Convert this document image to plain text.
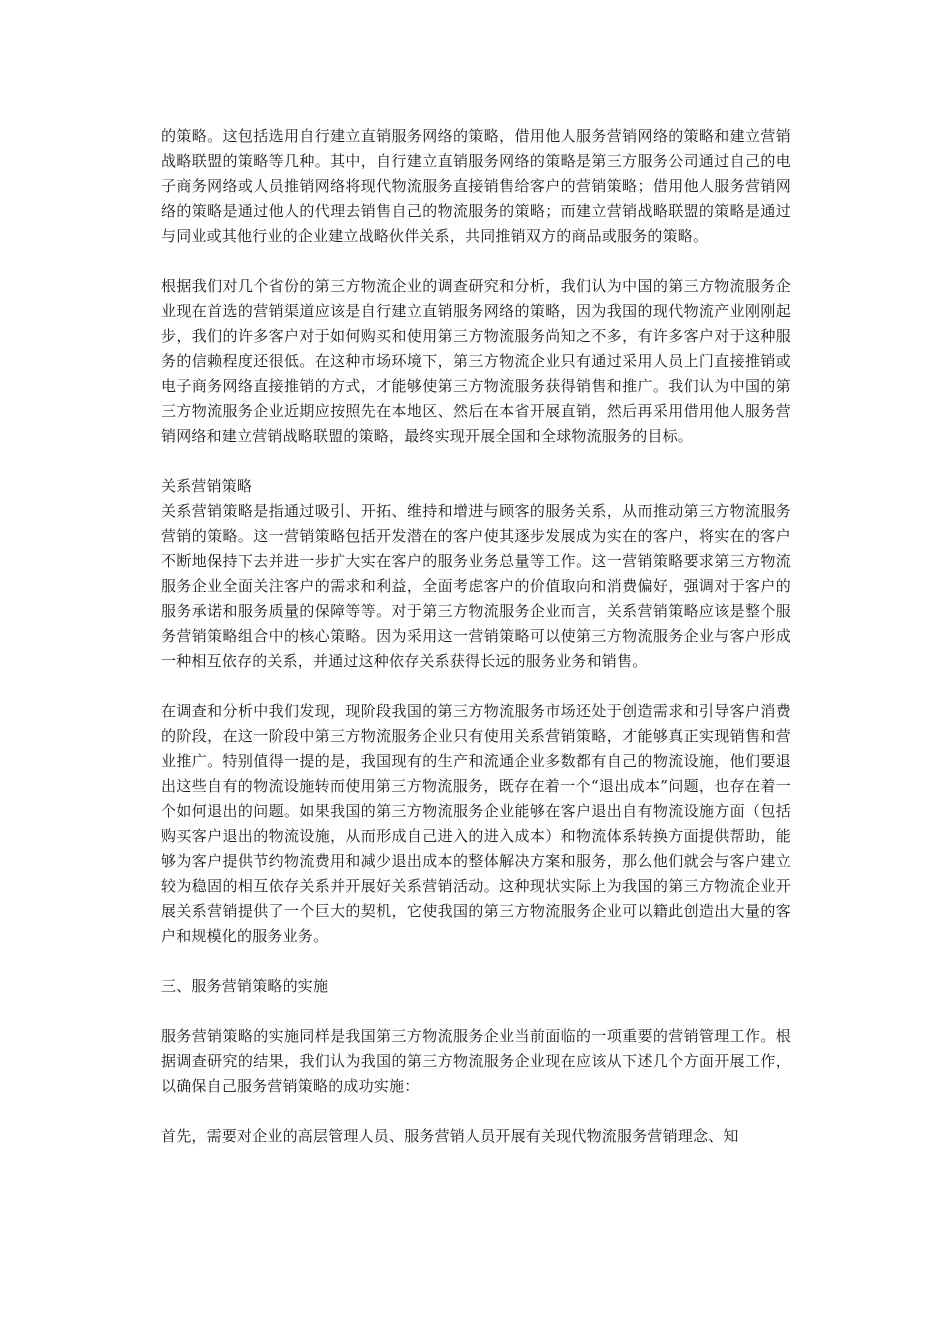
的策略。这包括选用自行建立直销服务网络的策略，借用他人服务营销网络的策略和建立营销战略联盟的策略等几种。其中，自行建立直销服务网络的策略是第三方服务公司通过自己的电子商务网络或人员推销网络将现代物流服务直接销售给客户的营销策略；借用他人服务营销网络的策略是通过他人的代理去销售自己的物流服务的策略；而建立营销战略联盟的策略是通过与同业或其他行业的企业建立战略伙伴关系，共同推销双方的商品或服务的策略。

根据我们对几个省份的第三方物流企业的调查研究和分析，我们认为中国的第三方物流服务企业现在首选的营销渠道应该是自行建立直销服务网络的策略，因为我国的现代物流产业刚刚起步，我们的许多客户对于如何购买和使用第三方物流服务尚知之不多，有许多客户对于这种服务的信赖程度还很低。在这种市场环境下，第三方物流企业只有通过采用人员上门直接推销或电子商务网络直接推销的方式，才能够使第三方物流服务获得销售和推广。我们认为中国的第三方物流服务企业近期应按照先在本地区、然后在本省开展直销，然后再采用借用他人服务营销网络和建立营销战略联盟的策略，最终实现开展全国和全球物流服务的目标。

关系营销策略

关系营销策略是指通过吸引、开拓、维持和增进与顾客的服务关系，从而推动第三方物流服务营销的策略。这一营销策略包括开发潜在的客户使其逐步发展成为实在的客户，将实在的客户不断地保持下去并进一步扩大实在客户的服务业务总量等工作。这一营销策略要求第三方物流服务企业全面关注客户的需求和利益，全面考虑客户的价值取向和消费偏好，强调对于客户的服务承诺和服务质量的保障等等。对于第三方物流服务企业而言，关系营销策略应该是整个服务营销策略组合中的核心策略。因为采用这一营销策略可以使第三方物流服务企业与客户形成一种相互依存的关系，并通过这种依存关系获得长远的服务业务和销售。

在调查和分析中我们发现，现阶段我国的第三方物流服务市场还处于创造需求和引导客户消费的阶段，在这一阶段中第三方物流服务企业只有使用关系营销策略，才能够真正实现销售和营业推广。特别值得一提的是，我国现有的生产和流通企业多数都有自己的物流设施，他们要退出这些自有的物流设施转而使用第三方物流服务，既存在着一个“退出成本”问题，也存在着一个如何退出的问题。如果我国的第三方物流服务企业能够在客户退出自有物流设施方面（包括购买客户退出的物流设施，从而形成自己进入的进入成本）和物流体系转换方面提供帮助，能够为客户提供节约物流费用和减少退出成本的整体解决方案和服务，那么他们就会与客户建立较为稳固的相互依存关系并开展好关系营销活动。这种现状实际上为我国的第三方物流企业开展关系营销提供了一个巨大的契机，它使我国的第三方物流服务企业可以籍此创造出大量的客户和规模化的服务业务。

三、服务营销策略的实施

服务营销策略的实施同样是我国第三方物流服务企业当前面临的一项重要的营销管理工作。根据调查研究的结果，我们认为我国的第三方物流服务企业现在应该从下述几个方面开展工作，以确保自己服务营销策略的成功实施：

首先，需要对企业的高层管理人员、服务营销人员开展有关现代物流服务营销理念、知
